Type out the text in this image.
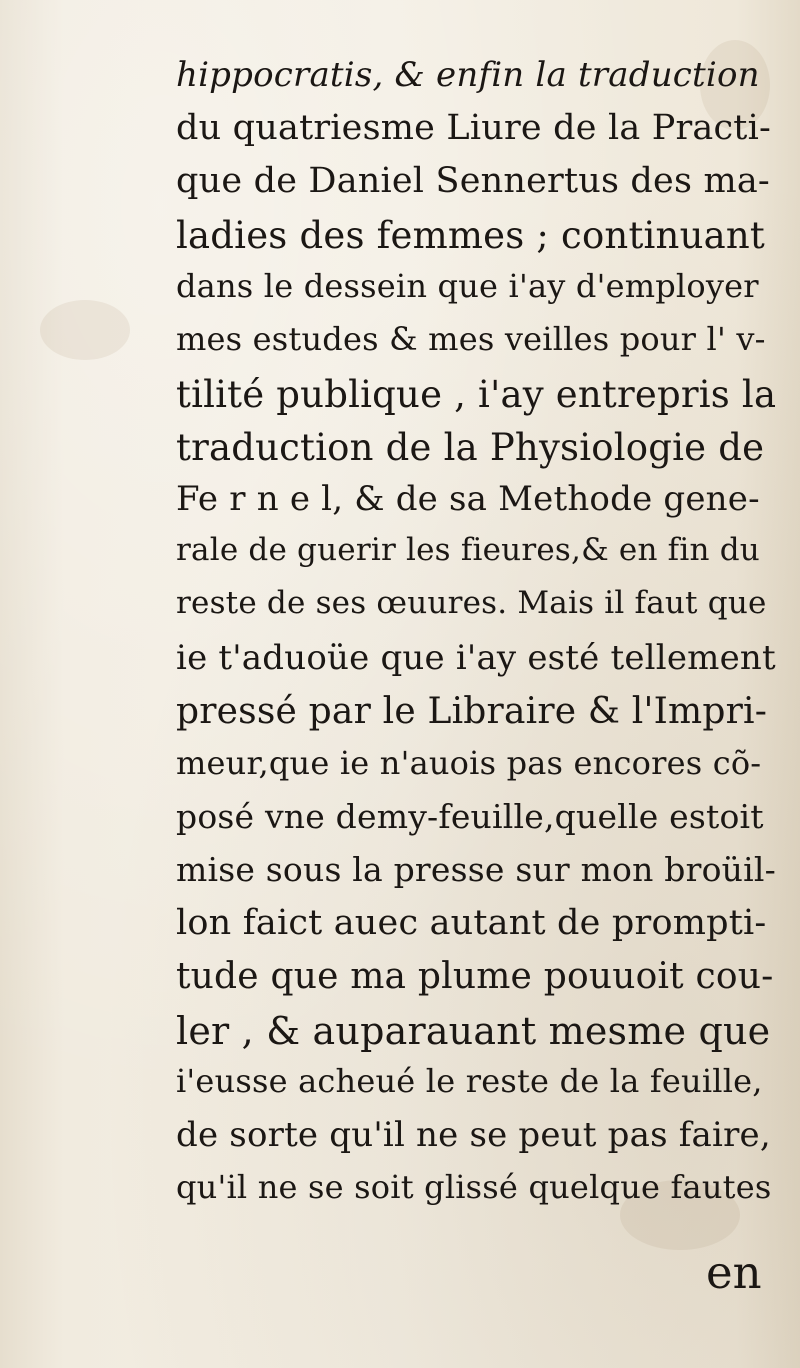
hippocratis, & enfin la traduction
du quatriesme Liure de la Practi-
que de Daniel Sennertus des ma-
ladies des femmes ; continuant
dans le dessein que i'ay d'employer
mes estudes & mes veilles pour l' v-
tilité publique , i'ay entrepris la
traduction de la Physiologie de
Fe r n e l, & de sa Methode gene-
rale de guerir les fieures,& en fin du
reste de ses œuures. Mais il faut que
ie t'aduoüe que i'ay esté tellement
pressé par le Libraire & l'Impri-
meur,que ie n'auois pas encores cõ-
posé vne demy-feuille,quelle estoit
mise sous la presse sur mon broüil-
lon faict auec autant de prompti-
tude que ma plume pouuoit cou-
ler , & auparauant mesme que
i'eusse acheué le reste de la feuille,
de sorte qu'il ne se peut pas faire,
qu'il ne se soit glissé quelque fautes
en
